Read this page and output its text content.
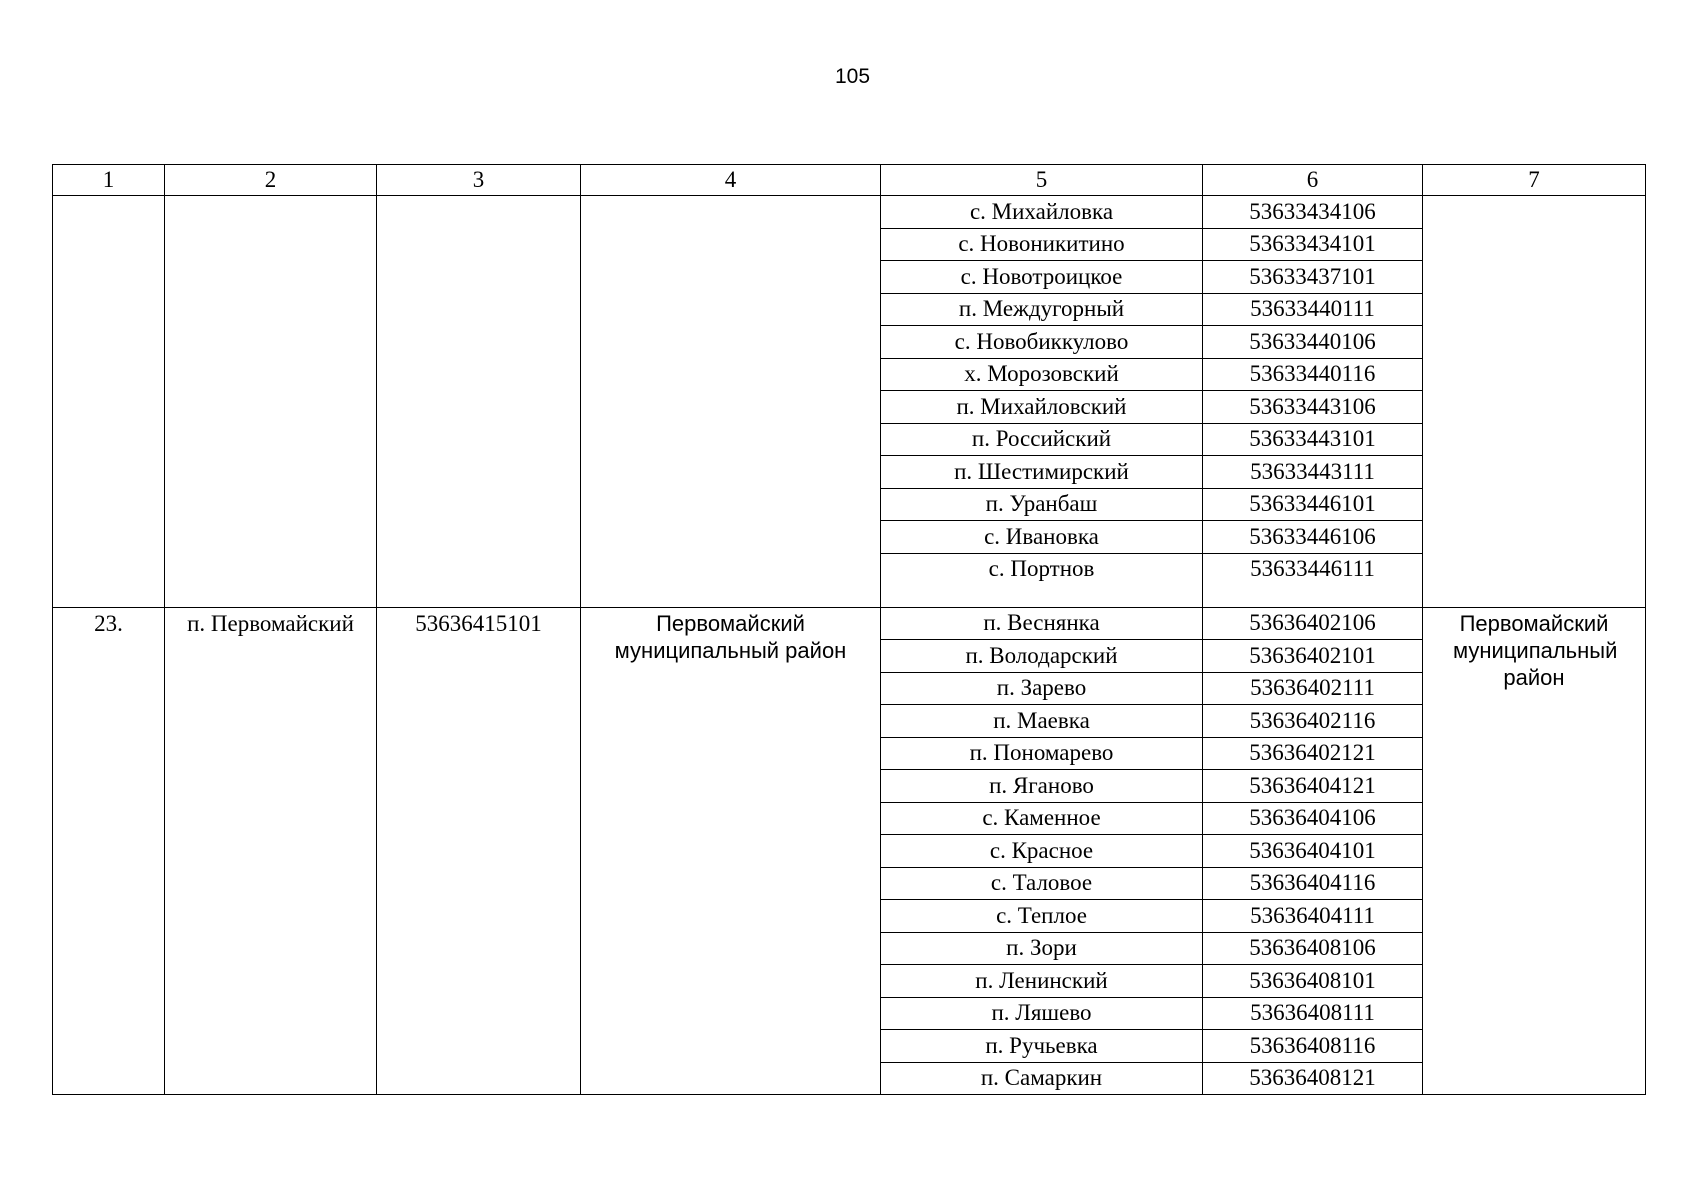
105
1	2	3	4	5	6	7
				с. Михайловка	53633434106	
				с. Новоникитино	53633434101	
				с. Новотроицкое	53633437101	
				п. Междугорный	53633440111	
				с. Новобиккулово	53633440106	
				х. Морозовский	53633440116	
				п. Михайловский	53633443106	
				п. Российский	53633443101	
				п. Шестимирский	53633443111	
				п. Уранбаш	53633446101	
				с. Ивановка	53633446106	
				с. Портнов	53633446111	
23.	п. Первомайский	53636415101	Первомайский муниципальный район	п. Веснянка	53636402106	Первомайский муниципальный район
				п. Володарский	53636402101	
				п. Зарево	53636402111	
				п. Маевка	53636402116	
				п. Пономарево	53636402121	
				п. Яганово	53636404121	
				с. Каменное	53636404106	
				с. Красное	53636404101	
				с. Таловое	53636404116	
				с. Теплое	53636404111	
				п. Зори	53636408106	
				п. Ленинский	53636408101	
				п. Ляшево	53636408111	
				п. Ручьевка	53636408116	
				п. Самаркин	53636408121	
